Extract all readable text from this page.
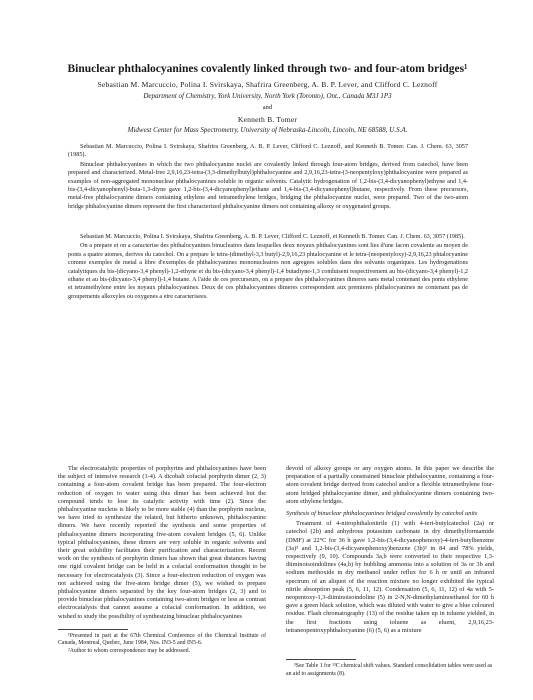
Binuclear phthalocyanines covalently linked through two- and four-atom bridges¹
Sebastian M. Marcuccio, Polina I. Svirskaya, Shafrira Greenberg, A. B. P. Lever, and Clifford C. Leznoff
Department of Chemistry, York University, North York (Toronto), Ont., Canada M3J 1P3
and
Kenneth B. Tomer
Midwest Center for Mass Spectrometry, University of Nebraska-Lincoln, Lincoln, NE 68588, U.S.A.

Sebastian M. Marcuccio, Polina I. Svirskaya, Shafrira Greenberg, A. B. P. Lever, Clifford C. Leznoff, and Kenneth B. Tomer. Can. J. Chem. 63, 3057 (1985).

Binuclear phthalocyanines in which the two phthalocyanine nuclei are covalently linked through four-atom bridges, derived from catechol, have been prepared and characterized. Metal-free 2,9,16,23-tetra-(3,3-dimethylbutyl)phthalocyanine and 2,9,16,23-tetra-(3-neopentyloxy)phthalocyanine were prepared as examples of non-aggregated mononuclear phthalocyanines soluble in organic solvents. Catalytic hydrogenation of 1,2-bis-(3,4-dicyanophenyl)ethyne and 1,4-bis-(3,4-dicyanophenyl)-buta-1,3-diyne gave 1,2-bis-(3,4-dicyanophenyl)ethane and 1,4-bis-(3,4-dicyanophenyl)butane, respectively. From these precursors, metal-free phthalocyanine dimers containing ethylene and tetramethylene bridges, bridging the phthalocyanine nuclei, were prepared. Two of the two-atom bridge phthalocyanine dimers represent the first characterized phthalocyanine dimers not containing alkoxy or oxygenated groups.

Sebastian M. Marcuccio, Polina I. Svirskaya, Shafrira Greenberg, A. B. P. Lever, Clifford C. Leznoff, et Kenneth B. Tomer. Can. J. Chem. 63, 3057 (1985).

On a prepare et on a caracterise des phthalocyanines binucleaires dans lesquelles deux noyaux phthalocyanines sont lies d'une facon covalente au moyen de ponts a quatre atomes, derives du catechol. On a prepare le tetra-(dimethyl-3,3 butyl)-2,9,16,23 phtalocyanine et le tetra-(neopentyloxy)-2,9,16,23 phtalocyanine comme exemples de metal a libre d'exemples de phthalocyanines mononucleaires non agregees solubles dans des solvants organiques. Les hydrogenations catalytiques du bis-(dicyano-3,4 phenyl)-1,2-ethyne et du bis-(dicyano-3,4 phenyl)-1,4 butadiyne-1,3 conduisent respectivement au bis-(dicyano-3,4 phenyl)-1,2 ethane et au bis-(dicyano-3,4 phenyl)-1,4 butane. A l'aide de ces precurseurs, on a prepare des phthalocyanines dimeres sans metal contenant des ponts ethylene et tetramethylene entre les noyaux phthalocyanines. Deux de ces phthalocyanines dimeres correspondent aux premieres phthalocyanines ne contenant pas de groupements alkoxyles ou oxygenes a etre caracterisees.

The electrocatalytic properties of porphyrins and phthalocyanines have been the subject of intensive research (1-4). A dicobalt cofacial porphyrin dimer (2, 3) containing a four-atom covalent bridge has been prepared. The four-electron reduction of oxygen to water using this dimer has been achieved but the compound tends to lose its catalytic activity with time (2). Since the phthalocyanine nucleus is likely to be more stable (4) than the porphyrin nucleus, we have tried to synthesize the related, but hitherto unknown, phthalocyanine dimers. We have recently reported the synthesis and some properties of phthalocyanine dimers incorporating five-atom covalent bridges (5, 6). Unlike typical phthalocyanines, these dimers are very soluble in organic solvents and their great solubility facilitates their purification and characterization. Recent work on the synthesis of porphyrin dimers has shown that great distances having one rigid covalent bridge can be held in a cofacial conformation thought to be necessary for electrocatalysis (3). Since a four-electron reduction of oxygen was not achieved using the five-atom bridge dimer (5), we wished to prepare phthalocyanine dimers separated by the key four-atom bridges (2, 3) and to provide binuclear phthalocyanines containing two-atom bridges or less as contrast electrocatalysts that cannot assume a cofacial conformation. In addition, we wished to study the possibility of synthesizing binuclear phthalocyanines

¹Presented in part at the 67th Chemical Conference of the Chemical Institute of Canada, Montreal, Quebec, June 1984, Nos. IN3-5 and IN5-6.

²Author to whom correspondence may be addressed.

devoid of alkoxy groups or any oxygen atoms. In this paper we describe the preparation of a partially constrained binuclear phthalocyanine, containing a four-atom covalent bridge derived from catechol and/or a flexible tetramethylene four-atom bridged phthalocyanine dimer, and phthalocyanine dimers containing two-atom ethylene bridges.

Synthesis of binuclear phthalocyanines bridged covalently by catechol units

Treatment of 4-nitrophthalonitrile (1) with 4-tert-butylcatechol (2a) or catechol (2b) and anhydrous potassium carbonate in dry dimethylformamide (DMF) at 22°C for 36 h gave 1,2-bis-(3,4-dicyanophenoxy)-4-tert-butylbenzene (3a)³ and 1,2-bis-(3,4-dicyanophenoxy)benzene (3b)³ in 84 and 78% yields, respectively (9, 10). Compounds 3a,b were converted to their respective 1,3-diiminoisoindolines (4a,b) by bubbling ammonia into a solution of 3a or 3b and sodium methoxide in dry methanol under reflux for 6 h or until an infrared spectrum of an aliquot of the reaction mixture no longer exhibited the typical nitrile absorption peak (5, 6, 11, 12). Condensation (5, 6, 11, 12) of 4a with 5-neopentoxy-1,3-diiminoisoindoline (5) in 2-N,N-dimethylaminoethanol for 60 h gave a green black solution, which was diluted with water to give a blue coloured residue. Flash chromatography (13) of the residue taken up in toluene yielded, in the first fractions using toluene as eluent, 2,9,16,23-tetraneopentoxyphthalocyanine (6) (5, 6) as a mixture

³See Table 1 for ¹³C chemical shift values. Standard consolidation tables were used as an aid to assignments (8).
